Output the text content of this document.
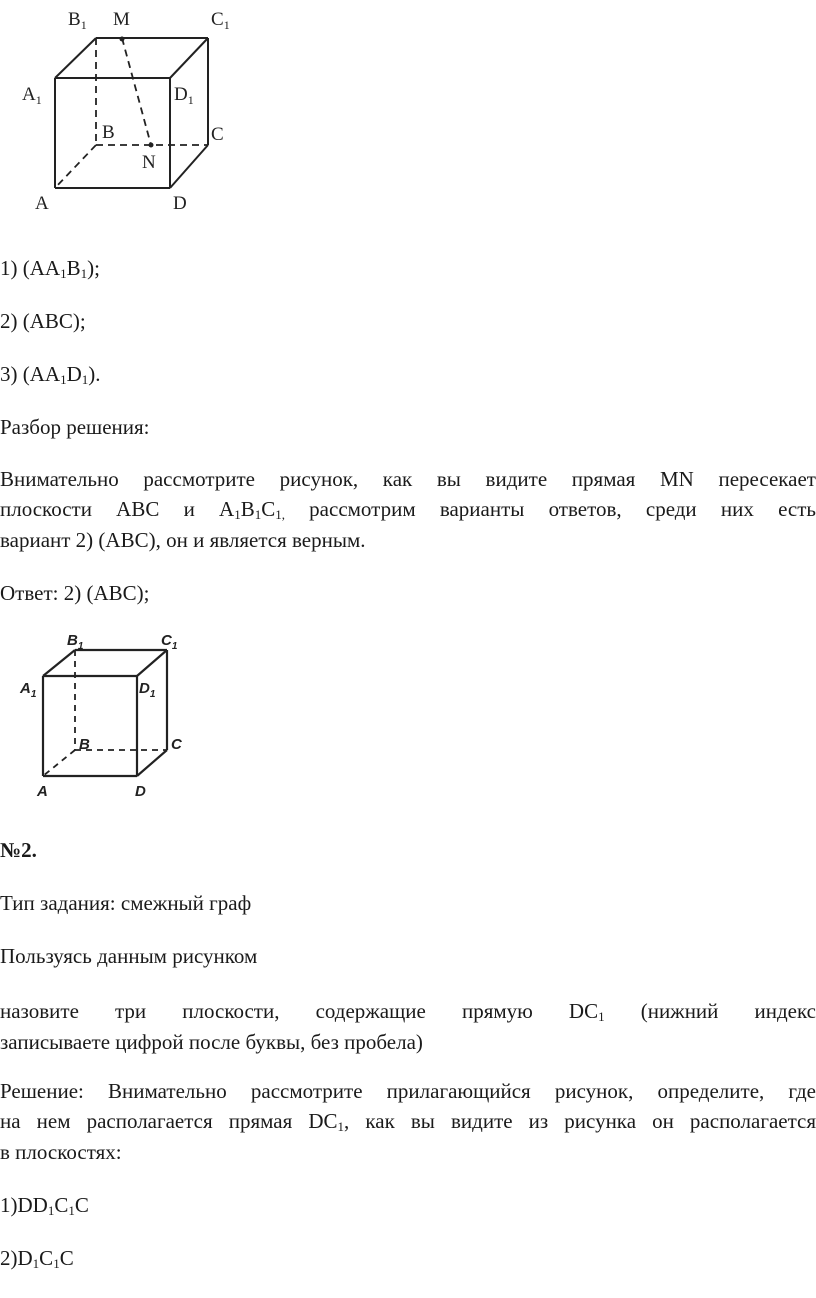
$B_1$ M	$C_1$
$A_1$	$D_1$
B	C
N
A	D
1) $(AA_1B_1)$;
2) (ABC);
3) $(AA_1D_1)$.
Разбор решения:
Внимательно рассмотрите рисунок, как вы видите прямая MN пересекает
плоскости ABC и $A_1B_1C_{1,}$ рассмотрим варианты ответов, среди них есть
вариант 2) (ABC), он и является верным.
Ответ: 2) (ABC);
$B_1$	$C_1$
$A_1$	$D_1$
B	C
A	D
№2.
Тип задания: смежный граф
Пользуясь данным рисунком
назовите три плоскости, содержащие прямую $DC_1$ (нижний индекс
записываете цифрой после буквы, без пробела)
Решение: Внимательно рассмотрите прилагающийся рисунок, определите, где
на нем располагается прямая $DC_1$, как вы видите из рисунка он располагается
в плоскостях:
$1)DD_1C_1C$
$2)D_1C_1C$
